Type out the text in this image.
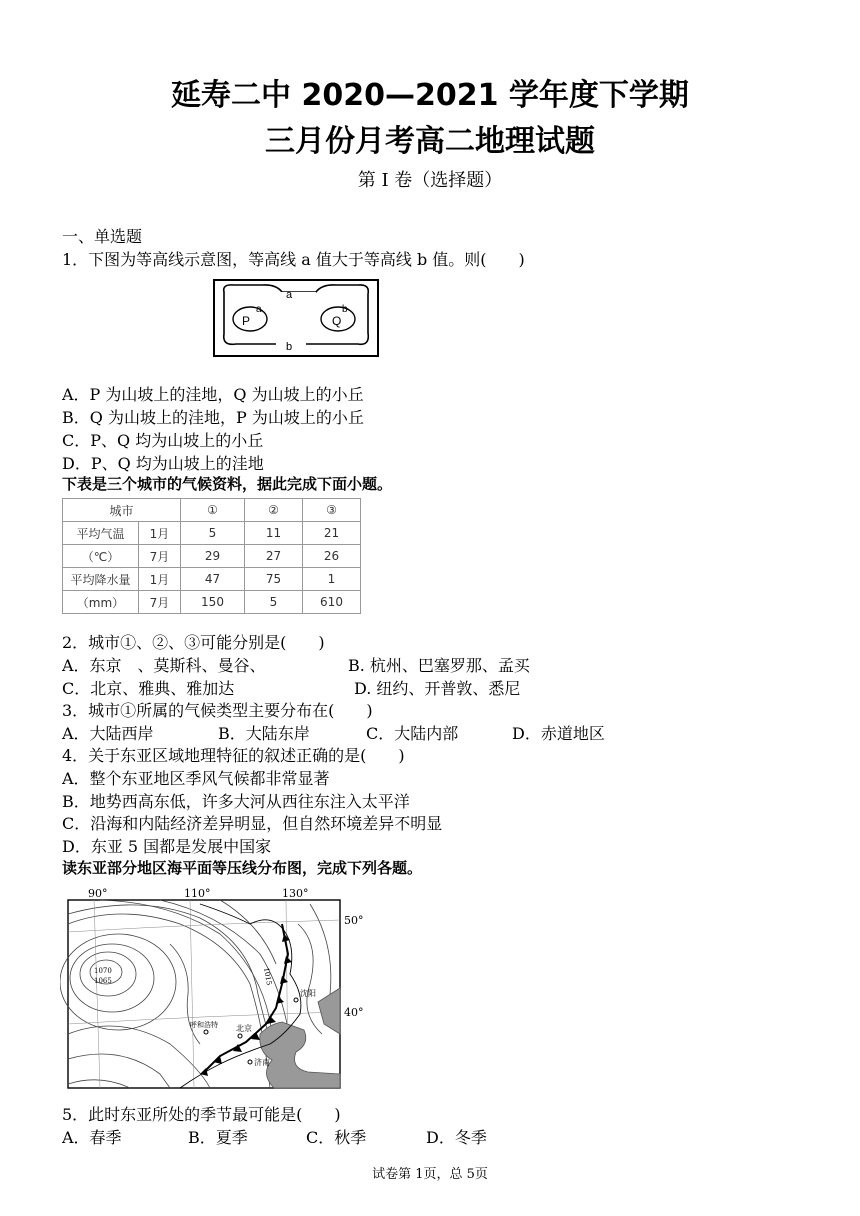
延寿二中 2020—2021 学年度下学期
三月份月考高二地理试题
第 I 卷（选择题）
一、单选题
1．下图为等高线示意图，等高线 a 值大于等高线 b 值。则(　　)
a
b
a
P
b
Q
A．P 为山坡上的洼地，Q 为山坡上的小丘
B．Q 为山坡上的洼地，P 为山坡上的小丘
C．P、Q 均为山坡上的小丘
D．P、Q 均为山坡上的洼地
下表是三个城市的气候资料，据此完成下面小题。
城市		①	②	③
平均气温	1月	5	11	21
（℃）	7月	29	27	26
平均降水量	1月	47	75	1
（mm）	7月	150	5	610
2．城市①、②、③可能分别是(　　)
A．东京　、莫斯科、曼谷、	B. 杭州、巴塞罗那、孟买
C．北京、雅典、雅加达	D. 纽约、开普敦、悉尼
3．城市①所属的气候类型主要分布在(　　)
A．大陆西岸	B．大陆东岸	C．大陆内部	D．赤道地区
4．关于东亚区域地理特征的叙述正确的是(　　)
A．整个东亚地区季风气候都非常显著
B．地势西高东低，许多大河从西往东注入太平洋
C．沿海和内陆经济差异明显，但自然环境差异不明显
D．东亚 5 国都是发展中国家
读东亚部分地区海平面等压线分布图，完成下列各题。
90°	110°	130°
50°
40°
1070
1065	1015
沈阳
北京
呼和浩特
济南
5．此时东亚所处的季节最可能是(　　)
A．春季	B．夏季	C．秋季	D．冬季
试卷第 1页，总 5页
